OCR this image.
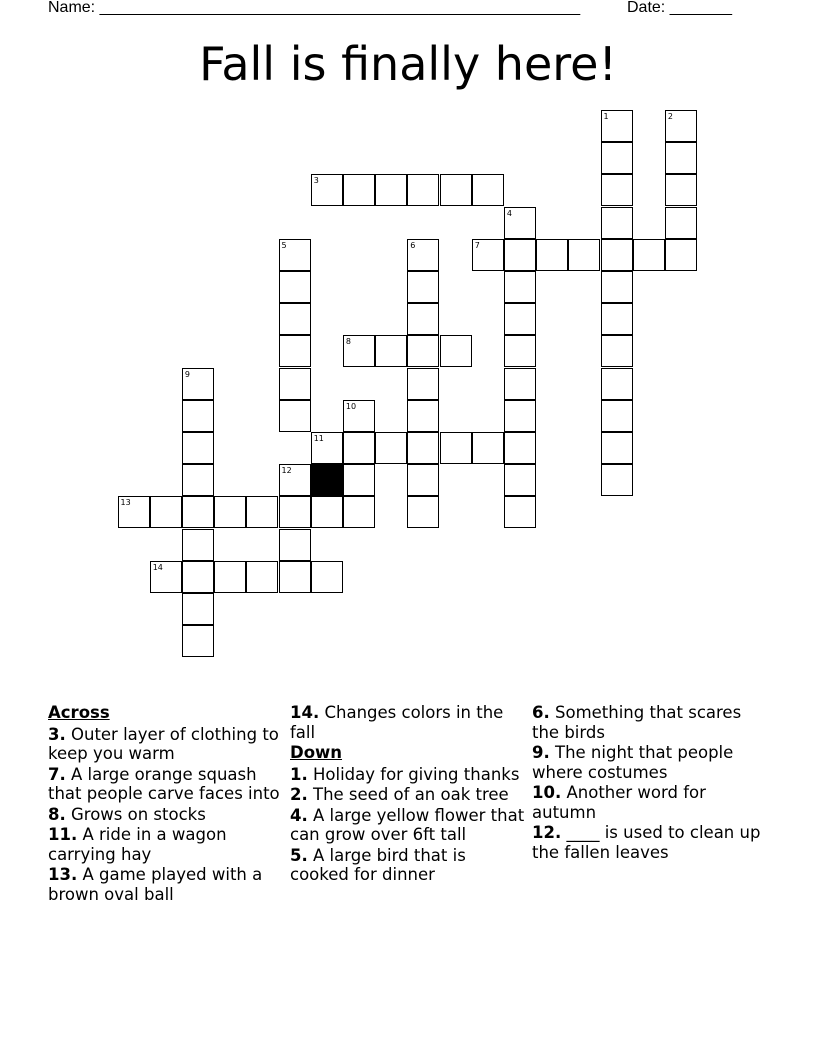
Name: ______________________________________________________	Date: _______
Fall is finally here!
1	2
3
4
5	6	7
8
9
10
11
12
13
14

Across

3. Outer layer of clothing to keep you warm

7. A large orange squash that people carve faces into

8. Grows on stocks

11. A ride in a wagon carrying hay

13. A game played with a brown oval ball

14. Changes colors in the fall

Down

1. Holiday for giving thanks

2. The seed of an oak tree

4. A large yellow flower that can grow over 6ft tall

5. A large bird that is cooked for dinner

6. Something that scares the birds

9. The night that people where costumes

10. Another word for autumn

12. ____ is used to clean up the fallen leaves
